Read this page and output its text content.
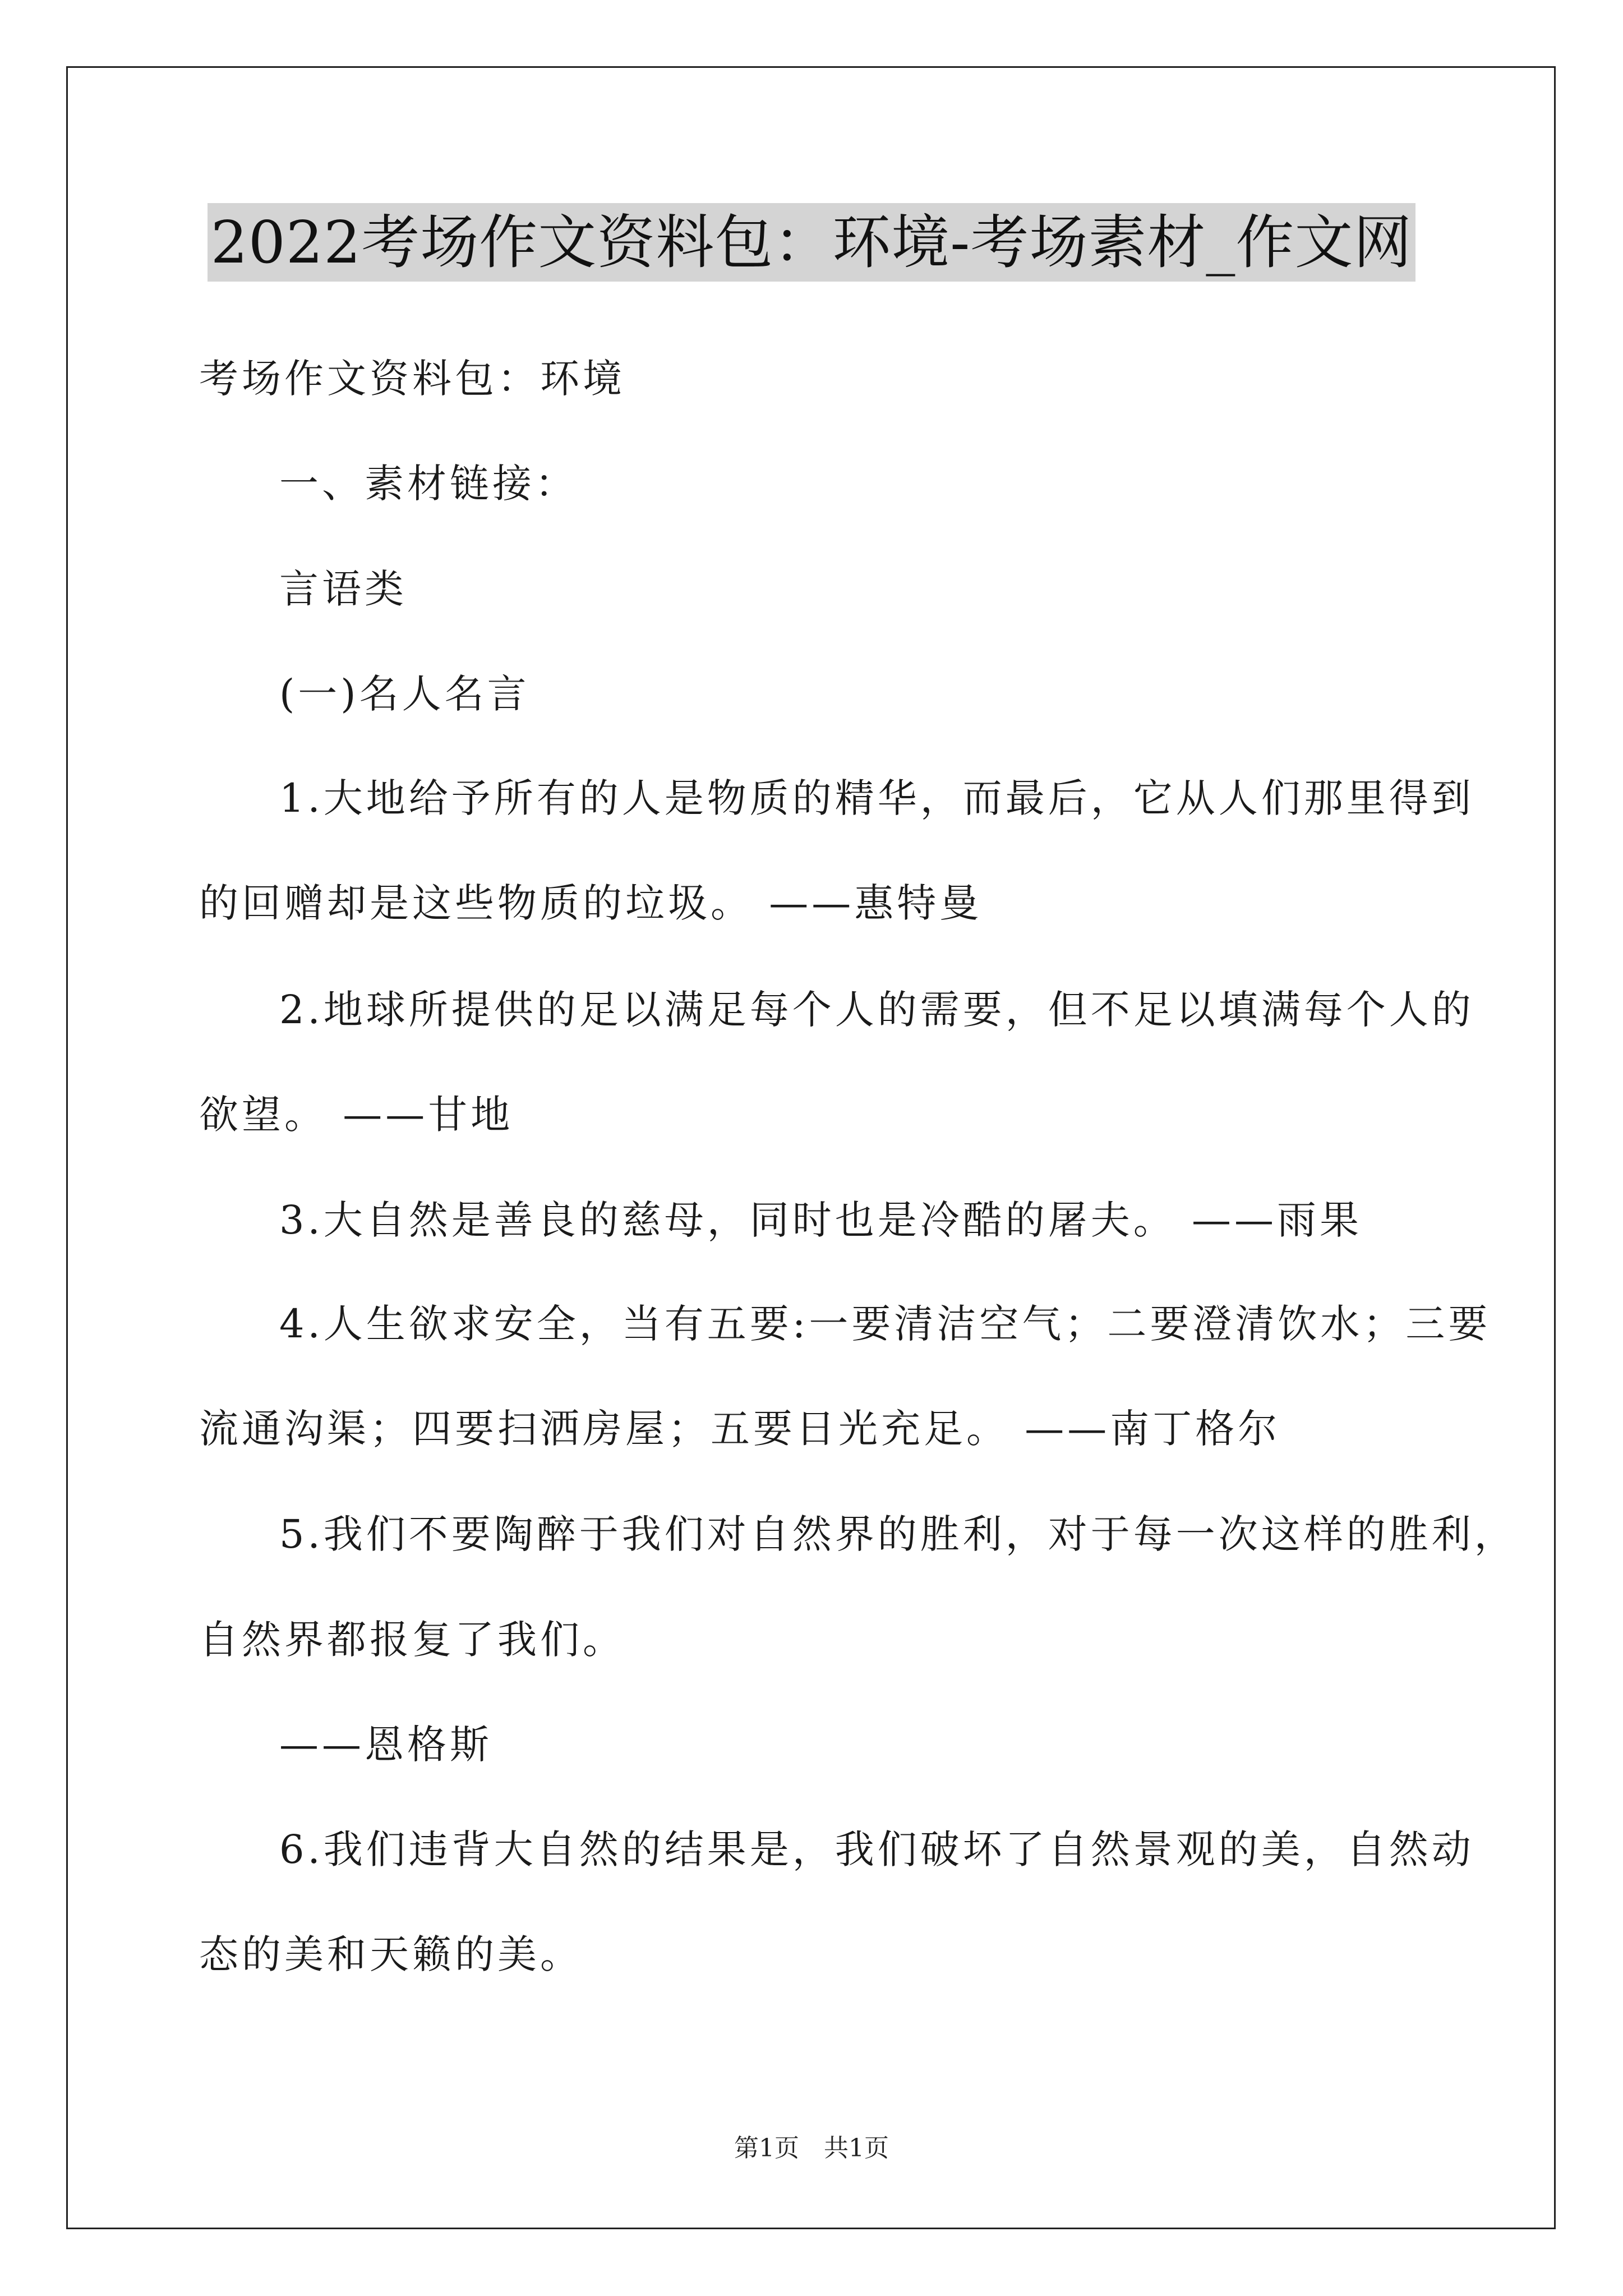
2022考场作文资料包：环境-考场素材_作文网
考场作文资料包：环境
一、素材链接：
言语类
(一)名人名言
1.大地给予所有的人是物质的精华，而最后，它从人们那里得到
的回赠却是这些物质的垃圾。 ——惠特曼
2.地球所提供的足以满足每个人的需要，但不足以填满每个人的
欲望。 ——甘地
3.大自然是善良的慈母，同时也是冷酷的屠夫。 ——雨果
4.人生欲求安全，当有五要:一要清洁空气；二要澄清饮水；三要
流通沟渠；四要扫洒房屋；五要日光充足。 ——南丁格尔
5.我们不要陶醉于我们对自然界的胜利，对于每一次这样的胜利，
自然界都报复了我们。
——恩格斯
6.我们违背大自然的结果是，我们破坏了自然景观的美，自然动
态的美和天籁的美。
第1页　共1页
